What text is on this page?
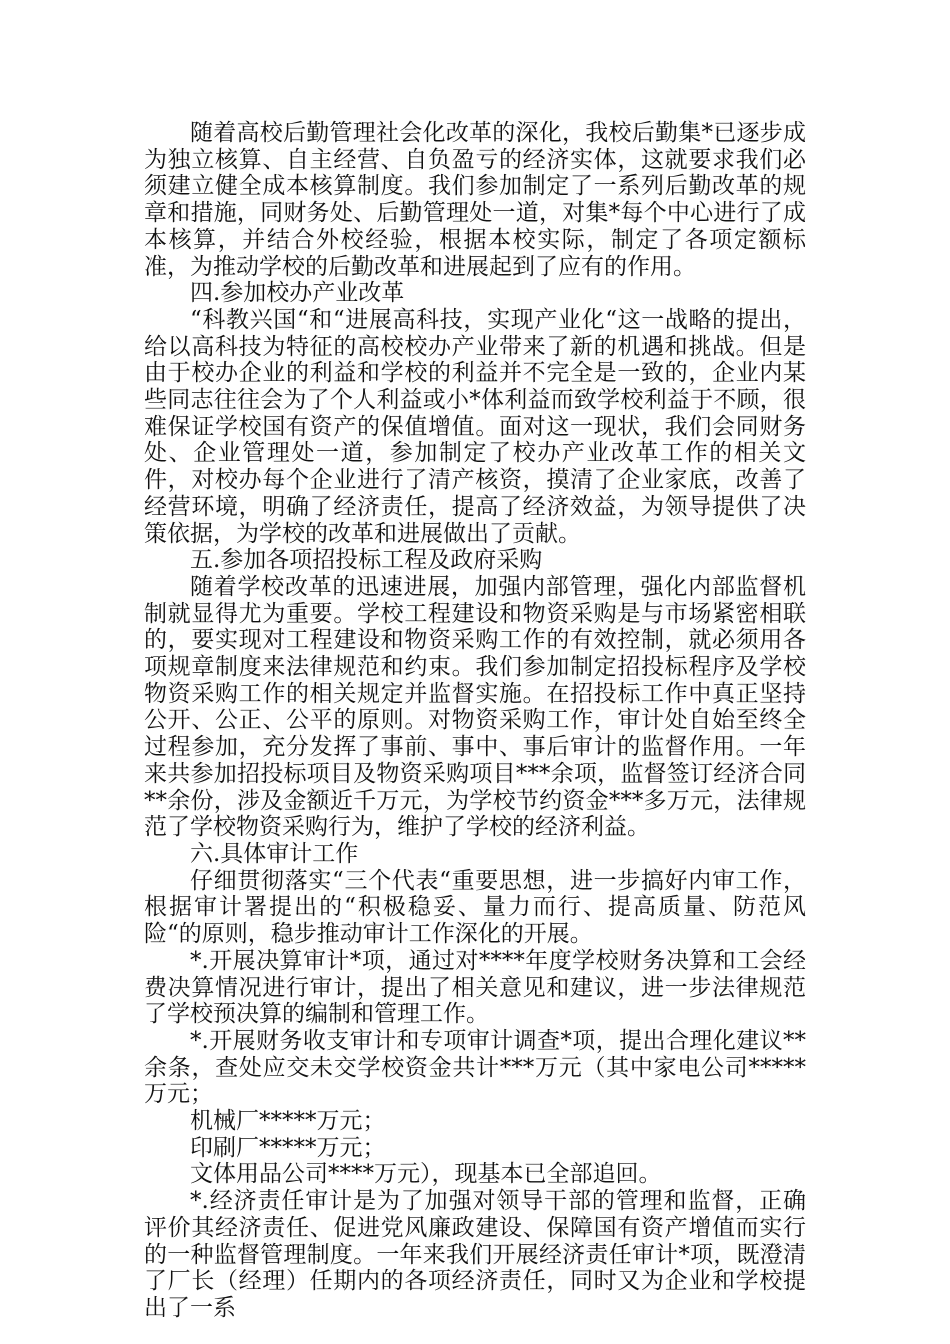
随着高校后勤管理社会化改革的深化，我校后勤集*已逐步成为独立核算、自主经营、自负盈亏的经济实体，这就要求我们必须建立健全成本核算制度。我们参加制定了一系列后勤改革的规章和措施，同财务处、后勤管理处一道，对集*每个中心进行了成本核算，并结合外校经验，根据本校实际，制定了各项定额标准，为推动学校的后勤改革和进展起到了应有的作用。

四.参加校办产业改革

“科教兴国“和“进展高科技，实现产业化“这一战略的提出，给以高科技为特征的高校校办产业带来了新的机遇和挑战。但是由于校办企业的利益和学校的利益并不完全是一致的，企业内某些同志往往会为了个人利益或小*体利益而致学校利益于不顾，很难保证学校国有资产的保值增值。面对这一现状，我们会同财务处、企业管理处一道，参加制定了校办产业改革工作的相关文件，对校办每个企业进行了清产核资，摸清了企业家底，改善了经营环境，明确了经济责任，提高了经济效益，为领导提供了决策依据，为学校的改革和进展做出了贡献。

五.参加各项招投标工程及政府采购

随着学校改革的迅速进展，加强内部管理，强化内部监督机制就显得尤为重要。学校工程建设和物资采购是与市场紧密相联的，要实现对工程建设和物资采购工作的有效控制，就必须用各项规章制度来法律规范和约束。我们参加制定招投标程序及学校物资采购工作的相关规定并监督实施。在招投标工作中真正坚持公开、公正、公平的原则。对物资采购工作，审计处自始至终全过程参加，充分发挥了事前、事中、事后审计的监督作用。一年来共参加招投标项目及物资采购项目***余项，监督签订经济合同**余份，涉及金额近千万元，为学校节约资金***多万元，法律规范了学校物资采购行为，维护了学校的经济利益。

六.具体审计工作

仔细贯彻落实“三个代表“重要思想，进一步搞好内审工作，根据审计署提出的“积极稳妥、量力而行、提高质量、防范风险“的原则，稳步推动审计工作深化的开展。

*.开展决算审计*项，通过对****年度学校财务决算和工会经费决算情况进行审计，提出了相关意见和建议，进一步法律规范了学校预决算的编制和管理工作。

*.开展财务收支审计和专项审计调查*项，提出合理化建议**余条，查处应交未交学校资金共计***万元（其中家电公司*****万元；

机械厂*****万元；

印刷厂*****万元；

文体用品公司****万元），现基本已全部追回。

*.经济责任审计是为了加强对领导干部的管理和监督，正确评价其经济责任、促进党风廉政建设、保障国有资产增值而实行的一种监督管理制度。一年来我们开展经济责任审计*项，既澄清了厂长（经理）任期内的各项经济责任，同时又为企业和学校提出了一系
